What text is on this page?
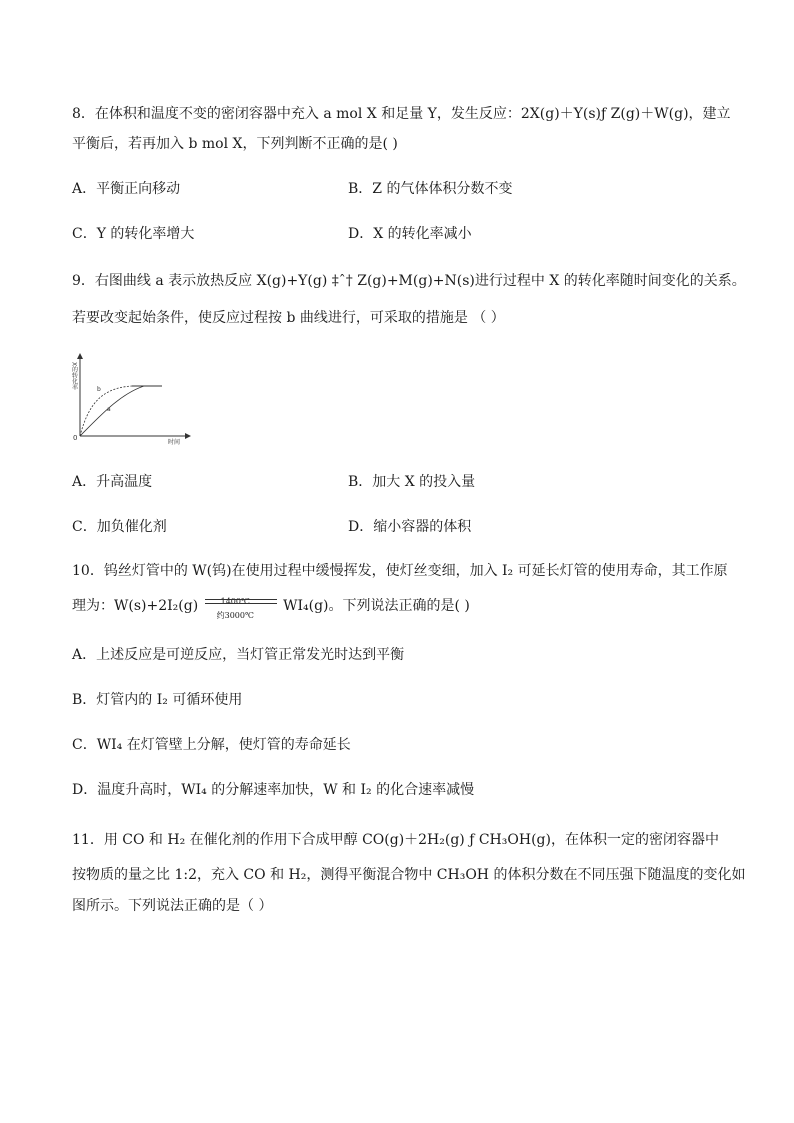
8．在体积和温度不变的密闭容器中充入 a mol X 和足量 Y，发生反应：2X(g)＋Y(s)ƒ Z(g)＋W(g)，建立
平衡后，若再加入 b mol X，下列判断不正确的是( )
A．平衡正向移动	B．Z 的气体体积分数不变
C．Y 的转化率增大	D．X 的转化率减小
9．右图曲线 a 表示放热反应 X(g)+Y(g) ‡ˆ† Z(g)+M(g)+N(s)进行过程中 X 的转化率随时间变化的关系。
若要改变起始条件，使反应过程按 b 曲线进行，可采取的措施是 （ ）
X的转化率
时间
0
b
a
A．升高温度	B．加大 X 的投入量
C．加负催化剂	D．缩小容器的体积
10．钨丝灯管中的 W(钨)在使用过程中缓慢挥发，使灯丝变细，加入 I₂ 可延长灯管的使用寿命，其工作原
理为：W(s)+2I₂(g)	1400℃
约3000℃
WI₄(g)。下列说法正确的是( )
A．上述反应是可逆反应，当灯管正常发光时达到平衡
B．灯管内的 I₂ 可循环使用
C．WI₄ 在灯管壁上分解，使灯管的寿命延长
D．温度升高时，WI₄ 的分解速率加快，W 和 I₂ 的化合速率减慢
11．用 CO 和 H₂ 在催化剂的作用下合成甲醇 CO(g)＋2H₂(g) ƒ CH₃OH(g)，在体积一定的密闭容器中
按物质的量之比 1:2，充入 CO 和 H₂，测得平衡混合物中 CH₃OH 的体积分数在不同压强下随温度的变化如
图所示。下列说法正确的是（ ）
